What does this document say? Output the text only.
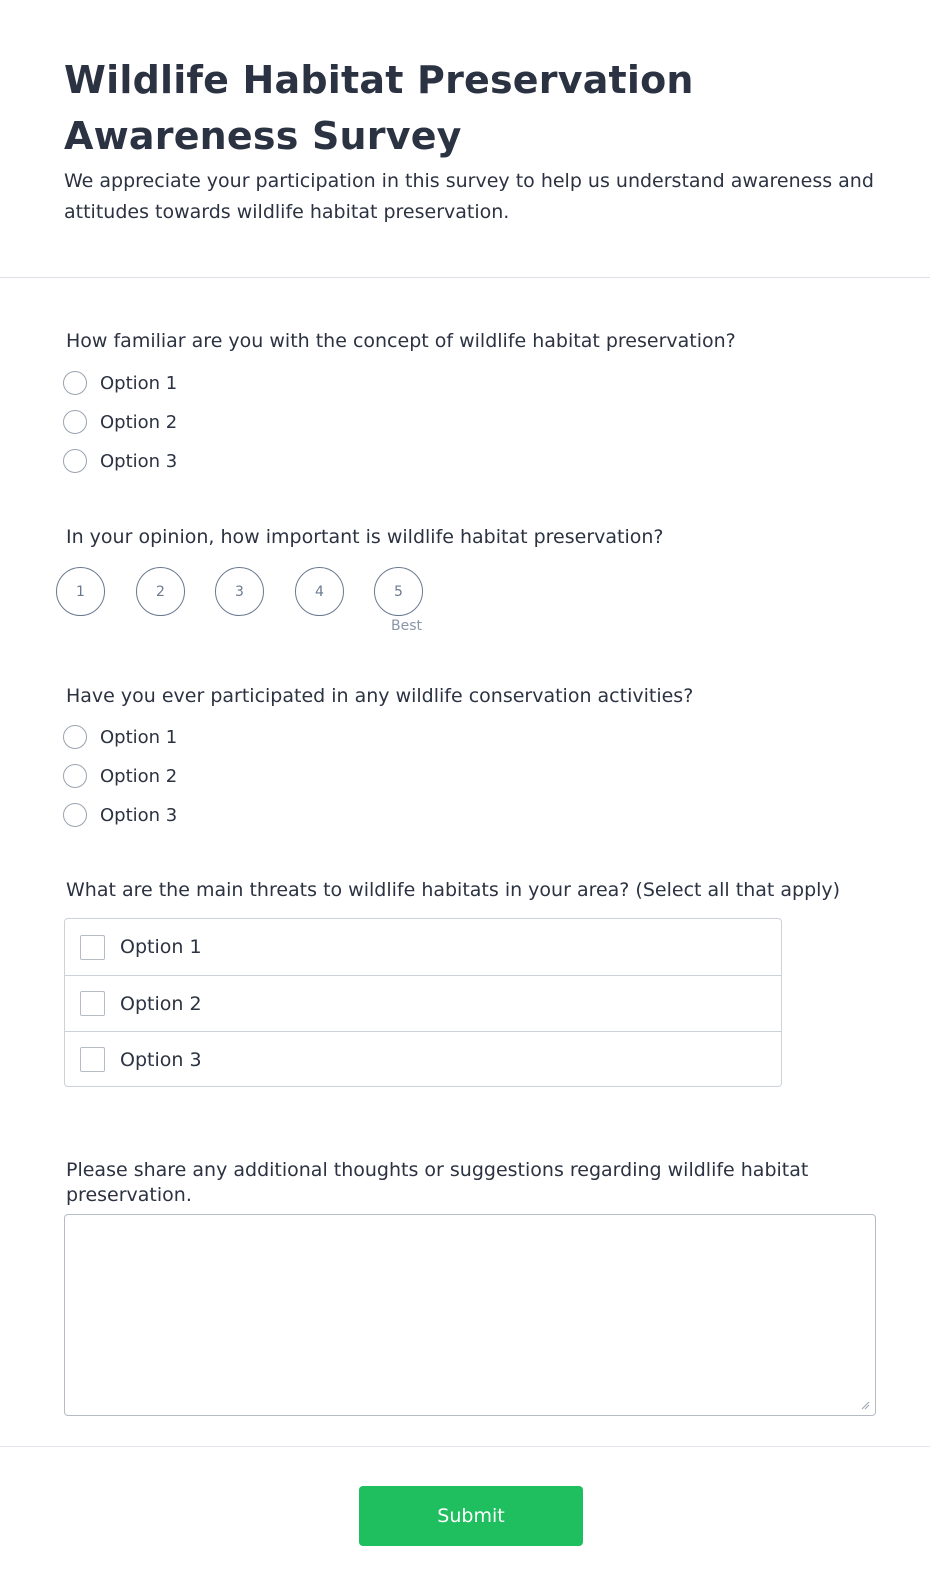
Wildlife Habitat Preservation Awareness Survey

We appreciate your participation in this survey to help us understand awareness and attitudes towards wildlife habitat preservation.

How familiar are you with the concept of wildlife habitat preservation?
Option 1
Option 2
Option 3
In your opinion, how important is wildlife habitat preservation?
1	2	3	4	5
Best
Have you ever participated in any wildlife conservation activities?
Option 1
Option 2
Option 3
What are the main threats to wildlife habitats in your area? (Select all that apply)
Option 1
Option 2
Option 3
Please share any additional thoughts or suggestions regarding wildlife habitat preservation.
Submit
